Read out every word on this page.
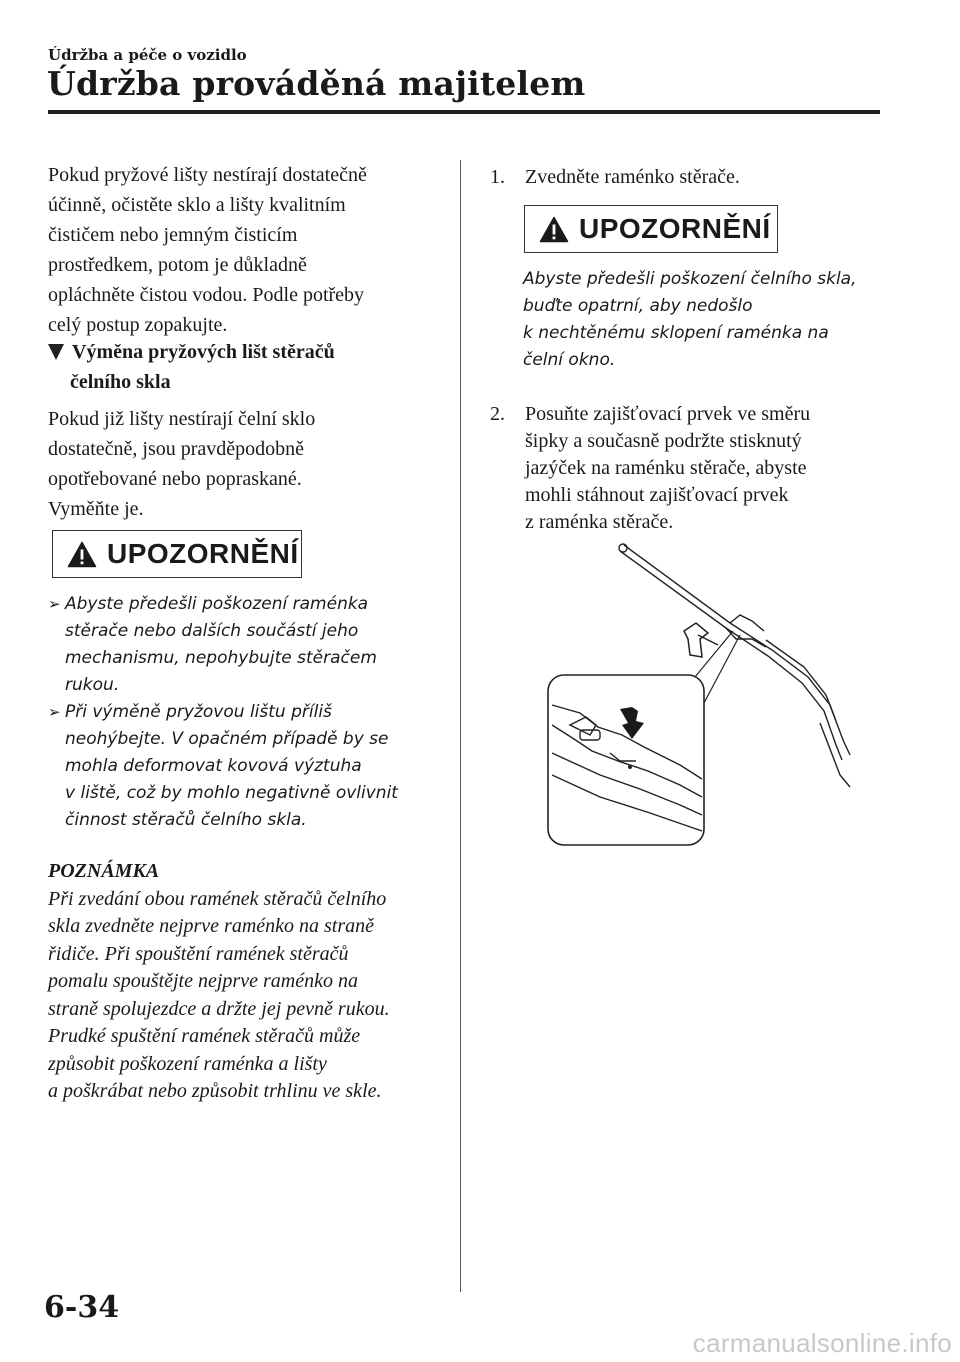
Údržba a péče o vozidlo
Údržba prováděná majitelem
Pokud pryžové lišty nestírají dostatečně
účinně, očistěte sklo a lišty kvalitním
čističem nebo jemným čisticím
prostředkem, potom je důkladně
opláchněte čistou vodou. Podle potřeby
celý postup zopakujte.
Výměna pryžových lišt stěračů
čelního skla
Pokud již lišty nestírají čelní sklo
dostatečně, jsou pravděpodobně
opotřebované nebo popraskané.
Vyměňte je.
UPOZORNĚNÍ
➢ Abyste předešli poškození raménka
stěrače nebo dalších součástí jeho
mechanismu, nepohybujte stěračem
rukou.
➢ Při výměně pryžovou lištu příliš
neohýbejte. V opačném případě by se
mohla deformovat kovová výztuha
v liště, což by mohlo negativně ovlivnit
činnost stěračů čelního skla.
POZNÁMKA
Při zvedání obou ramének stěračů čelního
skla zvedněte nejprve raménko na straně
řidiče. Při spouštění ramének stěračů
pomalu spouštějte nejprve raménko na
straně spolujezdce a držte jej pevně rukou.
Prudké spuštění ramének stěračů může
způsobit poškození raménka a lišty
a poškrábat nebo způsobit trhlinu ve skle.
1. Zvedněte raménko stěrače.
UPOZORNĚNÍ
Abyste předešli poškození čelního skla,
buďte opatrní, aby nedošlo
k nechtěnému sklopení raménka na
čelní okno.
2. Posuňte zajišťovací prvek ve směru
šipky a současně podržte stisknutý
jazýček na raménku stěrače, abyste
mohli stáhnout zajišťovací prvek
z raménka stěrače.
6-34
carmanualsonline.info
